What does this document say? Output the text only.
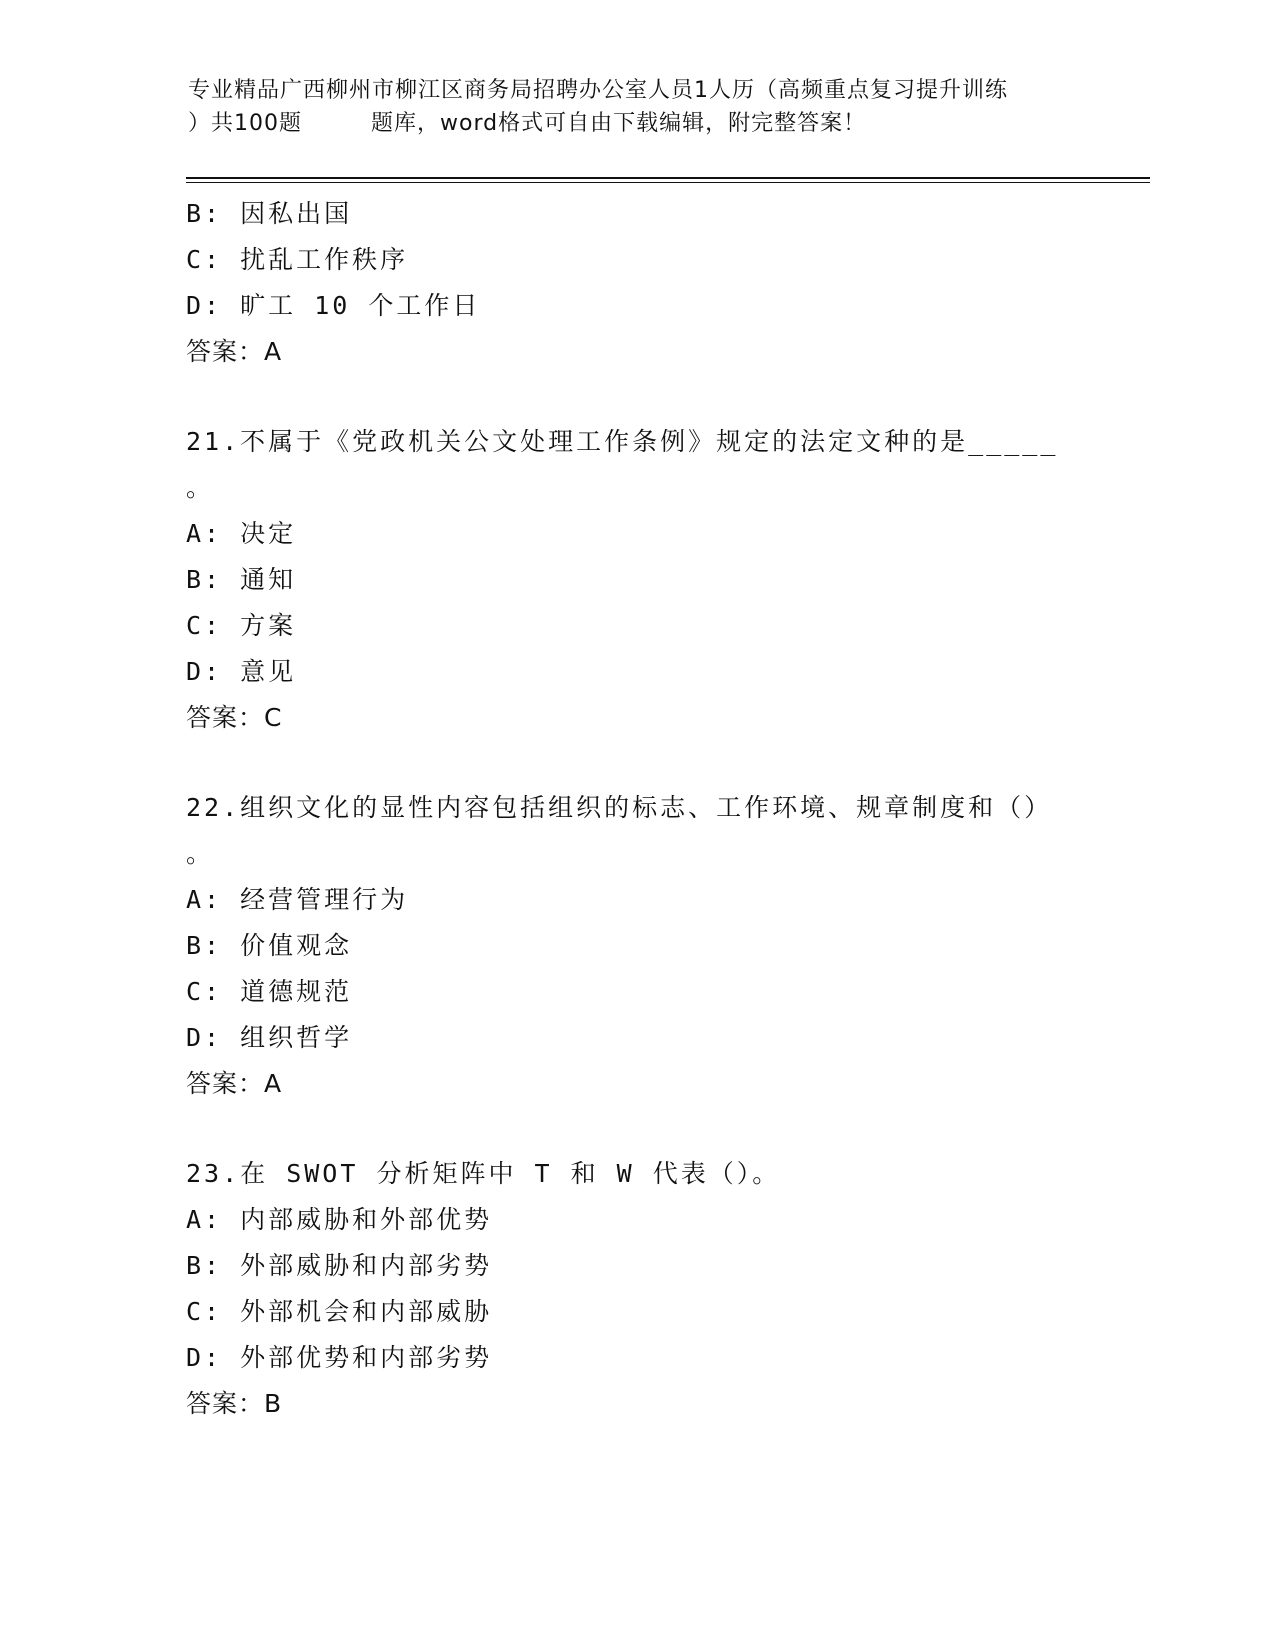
专业精品广西柳州市柳江区商务局招聘办公室人员1人历（高频重点复习提升训练
）共100题　　　题库，word格式可自由下载编辑，附完整答案！
B: 因私出国
C: 扰乱工作秩序
D: 旷工 10 个工作日
答案：A
21.不属于《党政机关公文处理工作条例》规定的法定文种的是_____
。
A: 决定
B: 通知
C: 方案
D: 意见
答案：C
22.组织文化的显性内容包括组织的标志、工作环境、规章制度和（）
。
A: 经营管理行为
B: 价值观念
C: 道德规范
D: 组织哲学
答案：A
23.在 SWOT 分析矩阵中 T 和 W 代表（）。
A: 内部威胁和外部优势
B: 外部威胁和内部劣势
C: 外部机会和内部威胁
D: 外部优势和内部劣势
答案：B
